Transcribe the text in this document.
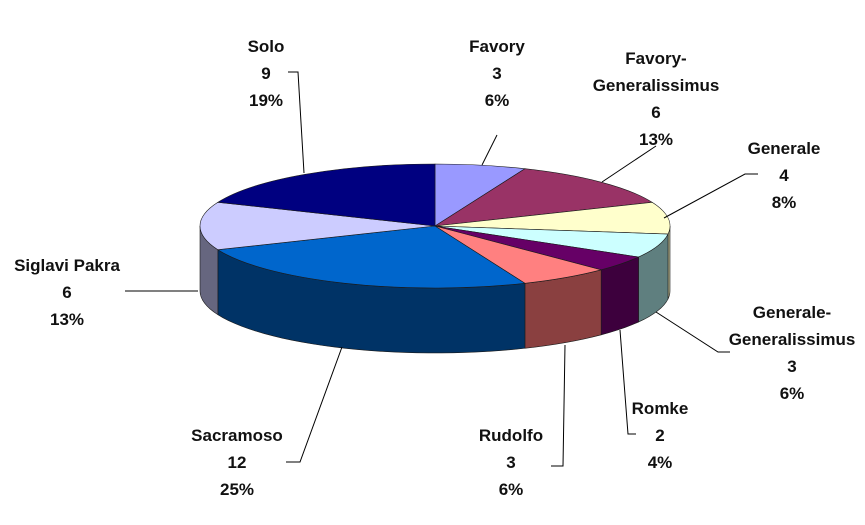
Favory 3 6%
Favory-Generalissimus 6 13%	Generale 4 8%
Generale-Generalissimus 3 6%
Romke 2 4%
Rudolfo 3 6%
Sacramoso 12 25%
Siglavi Pakra 6 13%
Solo 9 19%
